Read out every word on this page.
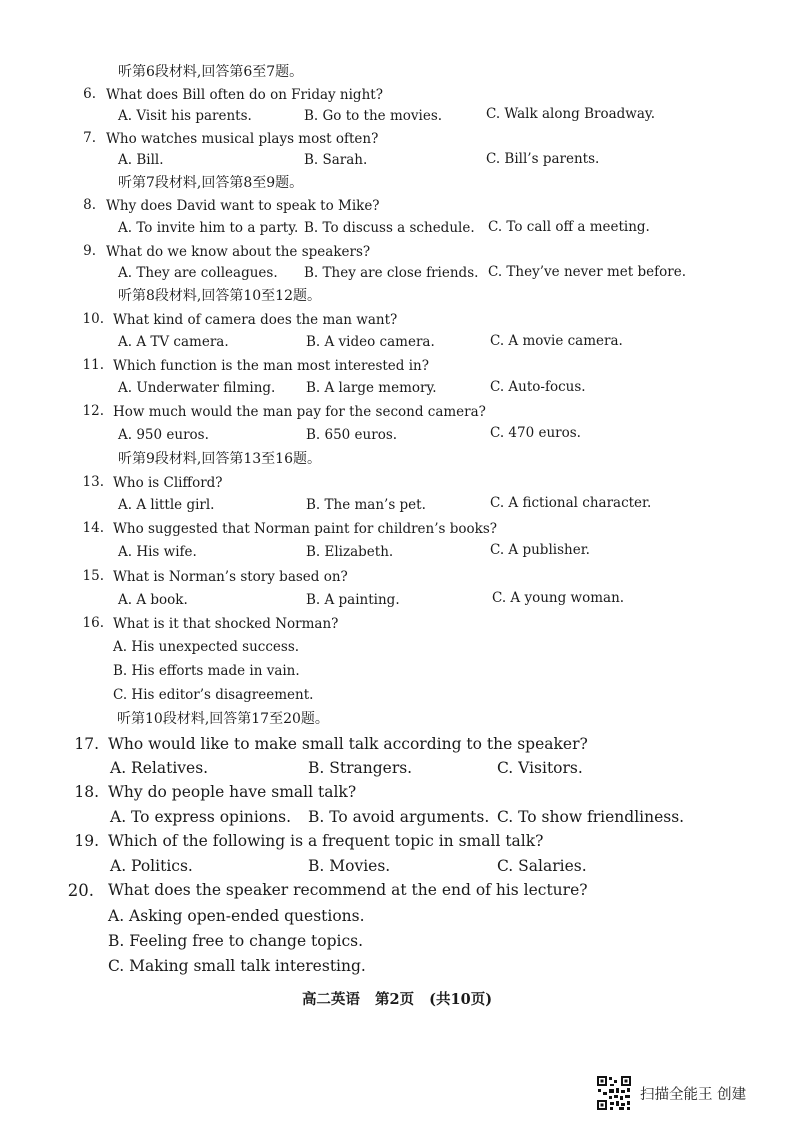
听第6段材料,回答第6至7题。
6. What does Bill often do on Friday night?
A. Visit his parents.	B. Go to the movies.	C. Walk along Broadway.
7. Who watches musical plays most often?
A. Bill.	B. Sarah.	C. Bill’s parents.
听第7段材料,回答第8至9题。
8. Why does David want to speak to Mike?
A. To invite him to a party. B. To discuss a schedule. C. To call off a meeting.
9. What do we know about the speakers?
A. They are colleagues. B. They are close friends. C. They’ve never met before.
听第8段材料,回答第10至12题。
10. What kind of camera does the man want?
A. A TV camera.	B. A video camera.	C. A movie camera.
11. Which function is the man most interested in?
A. Underwater filming. B. A large memory.	C. Auto-focus.
12. How much would the man pay for the second camera?
A. 950 euros.	B. 650 euros.	C. 470 euros.
听第9段材料,回答第13至16题。
13. Who is Clifford?
A. A little girl.	B. The man’s pet.	C. A fictional character.
14. Who suggested that Norman paint for children’s books?
A. His wife.	B. Elizabeth.	C. A publisher.
15. What is Norman’s story based on?
A. A book.	B. A painting.	C. A young woman.
16. What is it that shocked Norman?
A. His unexpected success.
B. His efforts made in vain.
C. His editor’s disagreement.
听第10段材料,回答第17至20题。
17. Who would like to make small talk according to the speaker?
A. Relatives.	B. Strangers.	C. Visitors.
18. Why do people have small talk?
A. To express opinions. B. To avoid arguments. C. To show friendliness.
19. Which of the following is a frequent topic in small talk?
A. Politics.	B. Movies.	C. Salaries.
20. What does the speaker recommend at the end of his lecture?
A. Asking open-ended questions.
B. Feeling free to change topics.
C. Making small talk interesting.
高二英语 第2页 (共10页)
扫描全能王 创建
